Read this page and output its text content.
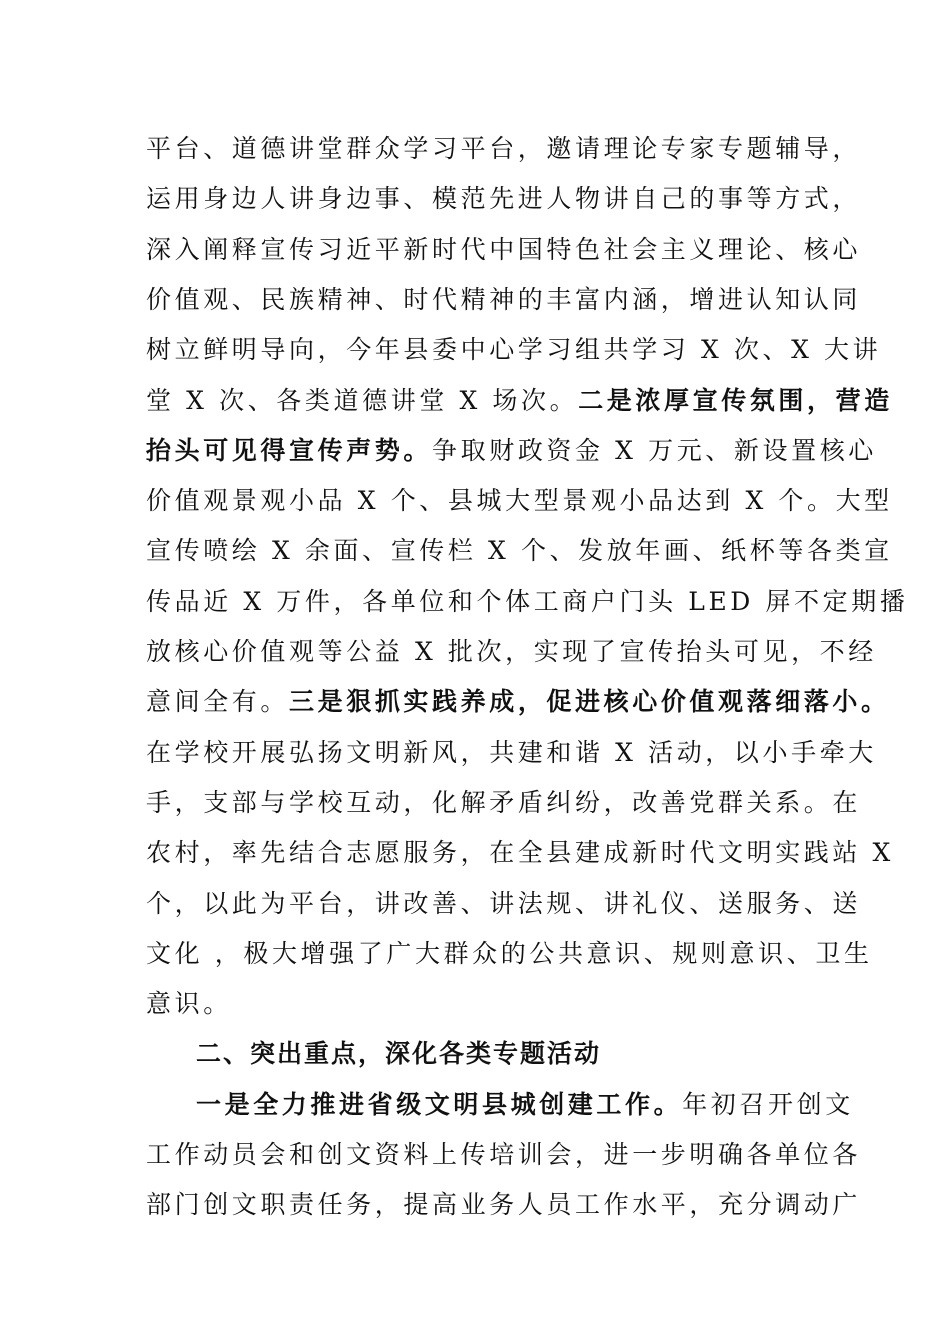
平台、道德讲堂群众学习平台，邀请理论专家专题辅导，
运用身边人讲身边事、模范先进人物讲自己的事等方式，
深入阐释宣传习近平新时代中国特色社会主义理论、核心
价值观、民族精神、时代精神的丰富内涵，增进认知认同
树立鲜明导向，今年县委中心学习组共学习 X 次、X 大讲
堂 X 次、各类道德讲堂 X 场次。二是浓厚宣传氛围，营造
抬头可见得宣传声势。争取财政资金 X 万元、新设置核心
价值观景观小品 X 个、县城大型景观小品达到 X 个。大型
宣传喷绘 X 余面、宣传栏 X 个、发放年画、纸杯等各类宣
传品近 X 万件，各单位和个体工商户门头 LED 屏不定期播
放核心价值观等公益 X 批次，实现了宣传抬头可见，不经
意间全有。三是狠抓实践养成，促进核心价值观落细落小。
在学校开展弘扬文明新风，共建和谐 X 活动，以小手牵大
手，支部与学校互动，化解矛盾纠纷，改善党群关系。在
农村，率先结合志愿服务，在全县建成新时代文明实践站 X
个，以此为平台，讲改善、讲法规、讲礼仪、送服务、送
文化 ，极大增强了广大群众的公共意识、规则意识、卫生
意识。
二、突出重点，深化各类专题活动
一是全力推进省级文明县城创建工作。年初召开创文
工作动员会和创文资料上传培训会，进一步明确各单位各
部门创文职责任务，提高业务人员工作水平，充分调动广
